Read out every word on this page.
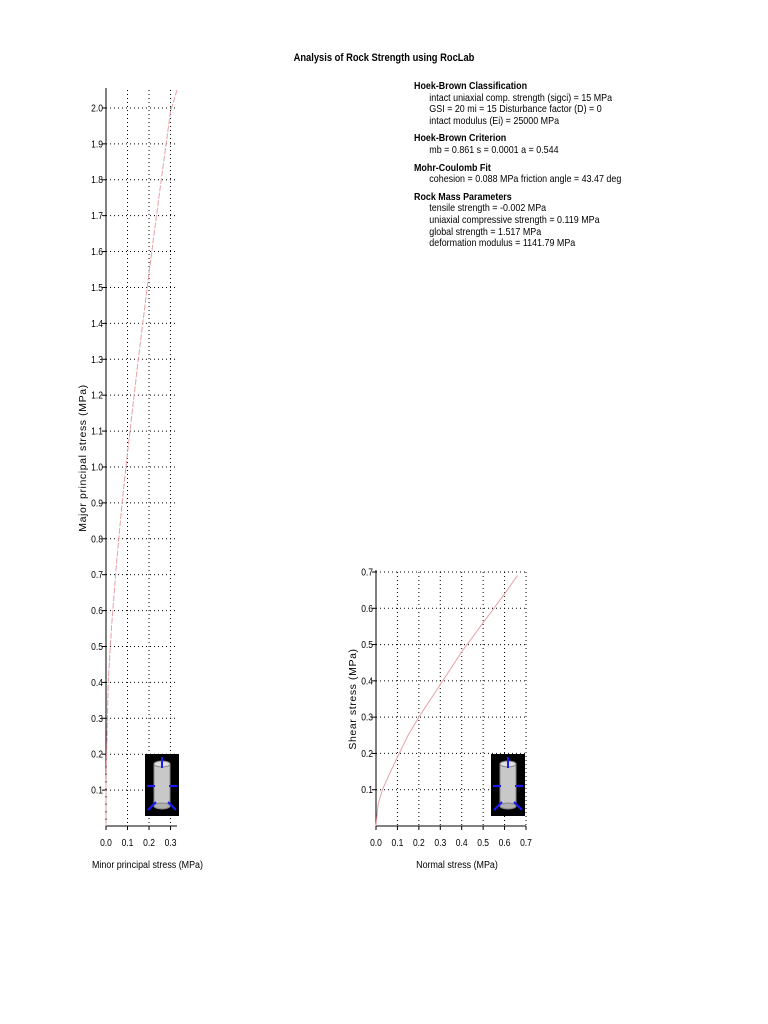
Analysis of Rock Strength using RocLab
Hoek-Brown Classification
intact uniaxial comp. strength (sigci) = 15 MPa
GSI = 20 mi = 15 Disturbance factor (D) = 0
intact modulus (Ei) = 25000 MPa
Hoek-Brown Criterion
mb = 0.861 s = 0.0001 a = 0.544
Mohr-Coulomb Fit
cohesion = 0.088 MPa friction angle = 43.47 deg
Rock Mass Parameters
tensile strength = -0.002 MPa
uniaxial compressive strength = 0.119 MPa
global strength = 1.517 MPa
deformation modulus = 1141.79 MPa
0.1
0.2
0.3
0.4
0.5
0.6
0.7
0.8
0.9
1.0
1.1
1.2
1.3
1.4
1.5
1.6
1.7
1.8
1.9
2.0
0.0 0.1 0.2 0.3
Minor principal stress (MPa)
Major principal stress (MPa)
0.1
0.2
0.3
0.4
0.5
0.6
0.7
0.0 0.1 0.2 0.3 0.4 0.5 0.6 0.7
Normal stress (MPa)
Shear stress (MPa)
